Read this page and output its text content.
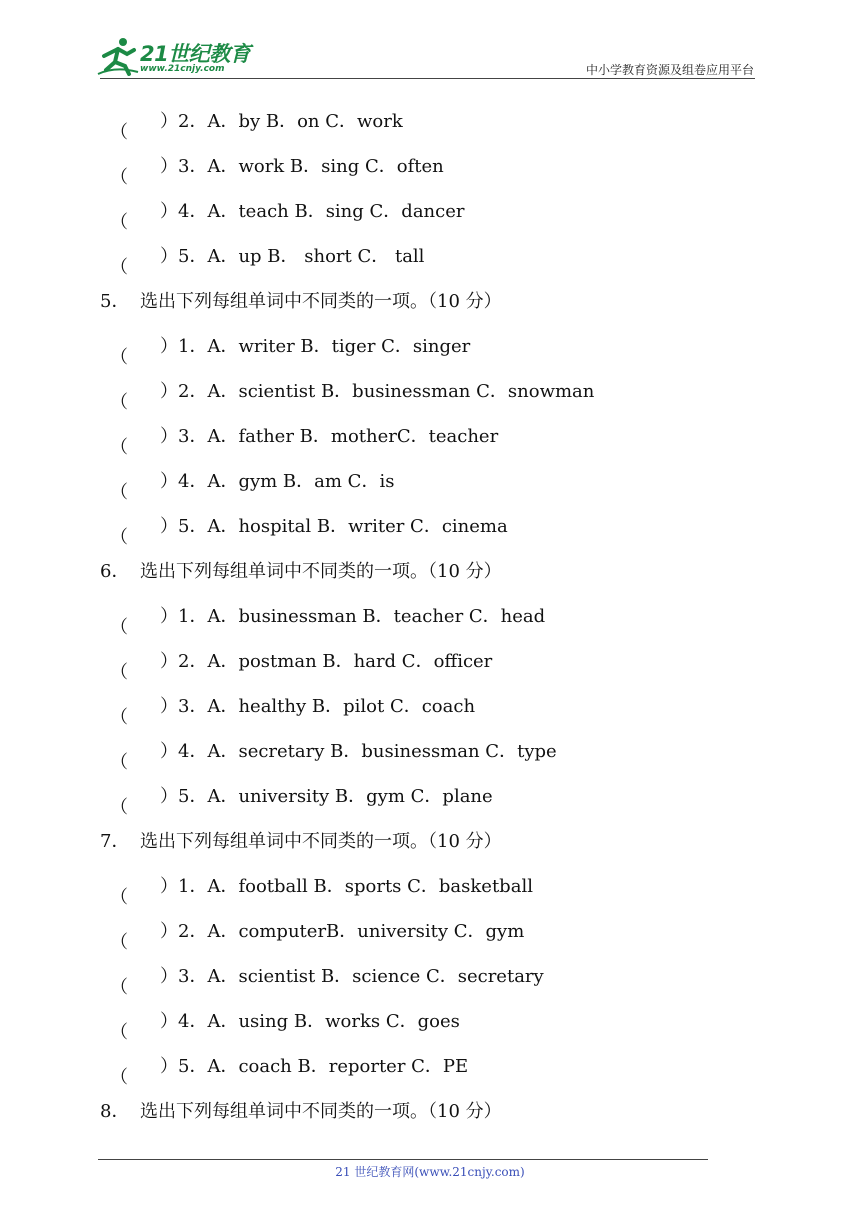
21世纪教育
www.21cnjy.com	中小学教育资源及组卷应用平台
（ ）2．A．by B．on C．work
（ ）3．A．work B．sing C．often
（ ）4．A．teach B．sing C．dancer
（ ）5．A．up B． short C． tall
5． 选出下列每组单词中不同类的一项。（10 分）
（ ）1．A．writer B．tiger C．singer
（ ）2．A．scientist B．businessman C．snowman
（ ）3．A．father B．motherC．teacher
（ ）4．A．gym B．am C．is
（ ）5．A．hospital B．writer C．cinema
6． 选出下列每组单词中不同类的一项。（10 分）
（ ）1．A．businessman B．teacher C．head
（ ）2．A．postman B．hard C．officer
（ ）3．A．healthy B．pilot C．coach
（ ）4．A．secretary B．businessman C．type
（ ）5．A．university B．gym C．plane
7． 选出下列每组单词中不同类的一项。（10 分）
（ ）1．A．football B．sports C．basketball
（ ）2．A．computerB．university C．gym
（ ）3．A．scientist B．science C．secretary
（ ）4．A．using B．works C．goes
（ ）5．A．coach B．reporter C．PE
8． 选出下列每组单词中不同类的一项。（10 分）
21 世纪教育网(www.21cnjy.com)
